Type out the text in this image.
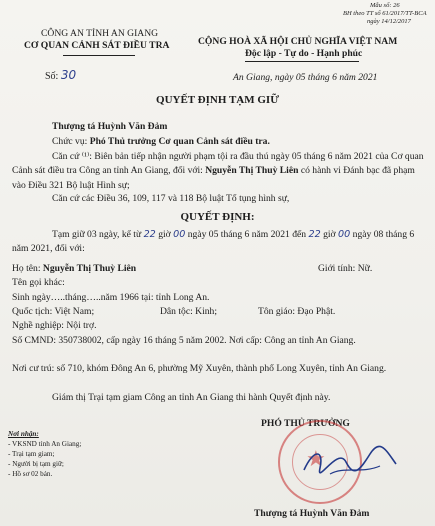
Mẫu số: 26
BH theo TT số 61/2017/TT-BCA
ngày 14/12/2017
CÔNG AN TỈNH AN GIANG
CƠ QUAN CẢNH SÁT ĐIỀU TRA
Số: 30
CỘNG HOÀ XÃ HỘI CHỦ NGHĨA VIỆT NAM
Độc lập - Tự do - Hạnh phúc
An Giang, ngày 05 tháng 6 năm 2021
QUYẾT ĐỊNH TẠM GIỮ
Thượng tá Huỳnh Văn Đảm
Chức vụ: Phó Thủ trưởng Cơ quan Cảnh sát điều tra.
Căn cứ ⁽¹⁾: Biên bản tiếp nhận người phạm tội ra đầu thú ngày 05 tháng 6 năm 2021 của Cơ quan Cảnh sát điều tra Công an tỉnh An Giang, đối với: Nguyễn Thị Thuỳ Liên có hành vi Đánh bạc đã phạm vào Điều 321 Bộ luật Hình sự;
Căn cứ các Điều 36, 109, 117 và 118 Bộ luật Tố tụng hình sự,
QUYẾT ĐỊNH:
Tạm giữ 03 ngày, kể từ 22 giờ 00 ngày 05 tháng 6 năm 2021 đến 22 giờ 00 ngày 08 tháng 6 năm 2021, đối với:
Họ tên: Nguyễn Thị Thuỳ Liên	Giới tính: Nữ.
Tên gọi khác:
Sinh ngày…..tháng…..năm 1966 tại: tỉnh Long An.
Quốc tịch: Việt Nam;	Dân tộc: Kinh;	Tôn giáo: Đạo Phật.
Nghề nghiệp: Nội trợ.
Số CMND: 350738002, cấp ngày 16 tháng 5 năm 2002. Nơi cấp: Công an tỉnh An Giang.
Nơi cư trú: số 710, khóm Đông An 6, phường Mỹ Xuyên, thành phố Long Xuyên, tỉnh An Giang.
Giám thị Trại tạm giam Công an tỉnh An Giang thi hành Quyết định này.
Nơi nhận:
- VKSND tỉnh An Giang;
- Trại tạm giam;
- Người bị tạm giữ;
- Hồ sơ 02 bản.
PHÓ THỦ TRƯỞNG
★
Thượng tá Huỳnh Văn Đảm
